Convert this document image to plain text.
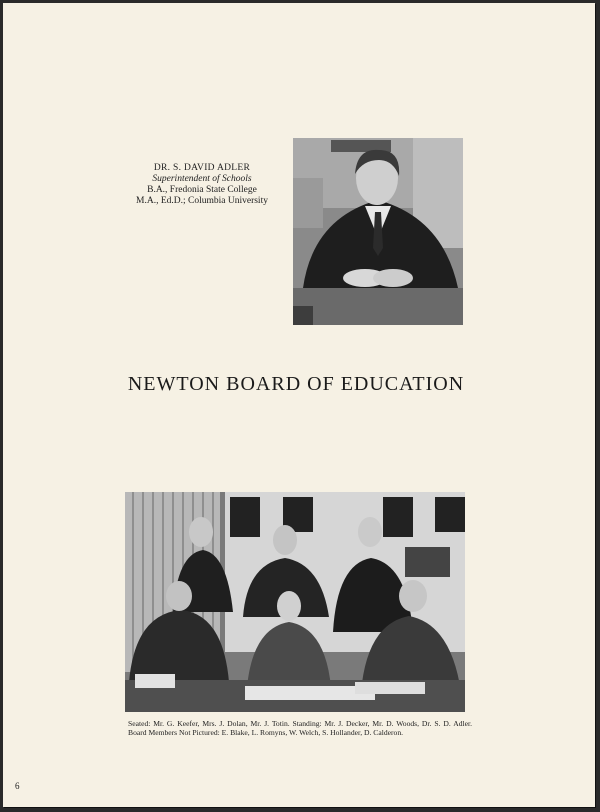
DR. S. DAVID ADLER
Superintendent of Schools
B.A., Fredonia State College
M.A., Ed.D.; Columbia University
NEWTON BOARD OF EDUCATION
Seated: Mr. G. Keefer, Mrs. J. Dolan, Mr. J. Totin. Standing: Mr. J. Decker, Mr. D. Woods, Dr. S. D. Adler. Board Members Not Pictured: E. Blake, L. Romyns, W. Welch, S. Hollander, D. Calderon.
6
